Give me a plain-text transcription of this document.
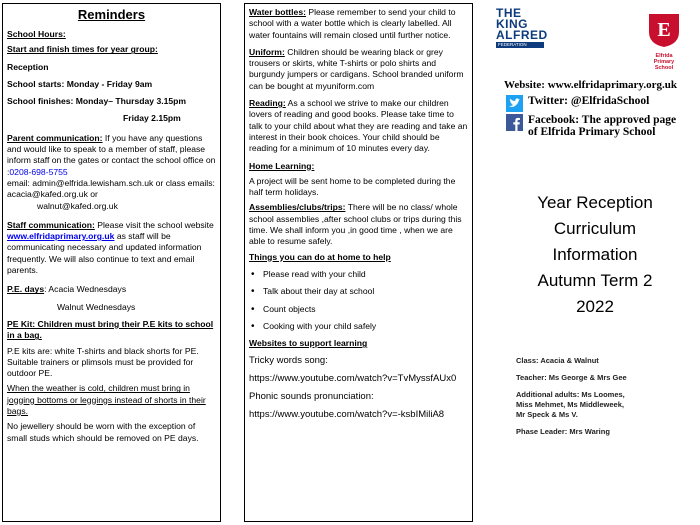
Reminders

School Hours:

Start and finish times for year group:

Reception

School starts: Monday - Friday 9am

School finishes: Monday– Thursday 3.15pm

Friday 2.15pm

Parent communication: If you have any questions and would like to speak to a member of staff, please inform staff on the gates or contact the school office on :0208-698-5755

email: admin@elfrida.lewisham.sch.uk or class emails: acacia@kafed.org.uk or

walnut@kafed.org.uk

Staff communication: Please visit the school website www.elfridaprimary.org.uk as staff will be communicating necessary and updated information frequently. We will also continue to text and email parents.

P.E. days: Acacia Wednesdays

Walnut Wednesdays

PE Kit: Children must bring their P.E kits to school in a bag.

P.E kits are: white T-shirts and black shorts for PE. Suitable trainers or plimsols must be provided for outdoor PE.

When the weather is cold, children must bring in jogging bottoms or leggings instead of shorts in their bags.

No jewellery should be worn with the exception of small studs which should be removed on PE days.

Water bottles: Please remember to send your child to school with a water bottle which is clearly labelled. All water fountains will remain closed until further notice.

Uniform: Children should be wearing black or grey trousers or skirts, white T-shirts or polo shirts and burgundy jumpers or cardigans. School branded uniform can be bought at myuniform.com

Reading: As a school we strive to make our children lovers of reading and good books. Please take time to talk to your child about what they are reading and take an interest in their book choices. Your child should be reading for a minimum of 10 minutes every day.

Home Learning:

A project will be sent home to be completed during the half term holidays.

Assemblies/clubs/trips: There will be no class/ whole school assemblies ,after school clubs or trips during this time. We shall inform you ,in good time , when we are able to resume safely.

Things you can do at home to help

• Please read with your child
• Talk about their day at school
• Count objects
• Cooking with your child safely

Websites to support learning

Tricky words song:

https://www.youtube.com/watch?v=TvMyssfAUx0

Phonic sounds pronunciation:

https://www.youtube.com/watch?v=-ksbIMiliA8

THE
KING
ALFRED
FEDERATION
E
Elfrida
Primary
School
Website: www.elfridaprimary.org.uk
Twitter: @ElfridaSchool
Facebook: The approved page
of Elfrida Primary School
Year Reception
Curriculum
Information
Autumn Term 2
2022

Class: Acacia & Walnut

Teacher: Ms George & Mrs Gee

Additional adults: Ms Loomes,
Miss Mehmet, Ms Middleweek,
Mr Speck & Ms V.

Phase Leader: Mrs Waring
